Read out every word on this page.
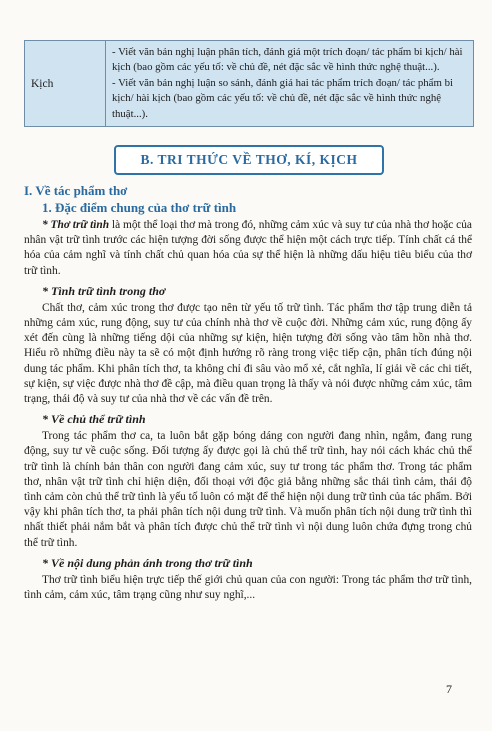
Kịch

- Viết văn bản nghị luận phân tích, đánh giá một trích đoạn/ tác phẩm bi kịch/ hài kịch (bao gồm các yếu tố: về chủ đề, nét đặc sắc về hình thức nghệ thuật...).

- Viết văn bản nghị luận so sánh, đánh giá hai tác phẩm trích đoạn/ tác phẩm bi kịch/ hài kịch (bao gồm các yếu tố: về chủ đề, nét đặc sắc về hình thức nghệ thuật...).

B. TRI THỨC VỀ THƠ, KÍ, KỊCH

I. Về tác phẩm thơ

1. Đặc điểm chung của thơ trữ tình

* Thơ trữ tình là một thể loại thơ mà trong đó, những cảm xúc và suy tư của nhà thơ hoặc của nhân vật trữ tình trước các hiện tượng đời sống được thể hiện một cách trực tiếp. Tính chất cá thể hóa của cảm nghĩ và tính chất chủ quan hóa của sự thể hiện là những dấu hiệu tiêu biểu của thơ trữ tình.

* Tình trữ tình trong thơ

Chất thơ, cảm xúc trong thơ được tạo nên từ yếu tố trữ tình. Tác phẩm thơ tập trung diễn tả những cảm xúc, rung động, suy tư của chính nhà thơ về cuộc đời. Những cảm xúc, rung động ấy xét đến cùng là những tiếng dội của những sự kiện, hiện tượng đời sống vào tâm hồn nhà thơ. Hiểu rõ những điều này ta sẽ có một định hướng rõ ràng trong việc tiếp cận, phân tích đúng nội dung tác phẩm. Khi phân tích thơ, ta không chỉ đi sâu vào mổ xẻ, cắt nghĩa, lí giải về các chi tiết, sự kiện, sự việc được nhà thơ đề cập, mà điều quan trọng là thấy và nói được những cảm xúc, tâm trạng, thái độ và suy tư của nhà thơ về các vấn đề trên.

* Về chủ thể trữ tình

Trong tác phẩm thơ ca, ta luôn bắt gặp bóng dáng con người đang nhìn, ngắm, đang rung động, suy tư về cuộc sống. Đối tượng ấy được gọi là chủ thể trữ tình, hay nói cách khác chủ thể trữ tình là chính bản thân con người đang cảm xúc, suy tư trong tác phẩm thơ. Trong tác phẩm thơ, nhân vật trữ tình chỉ hiện diện, đối thoại với độc giả bằng những sắc thái tình cảm, thái độ tình cảm còn chủ thể trữ tình là yếu tố luôn có mặt để thể hiện nội dung trữ tình của tác phẩm. Bởi vậy khi phân tích thơ, ta phải phân tích nội dung trữ tình. Và muốn phân tích nội dung trữ tình thì nhất thiết phải nắm bắt và phân tích được chủ thể trữ tình vì nội dung luôn chứa đựng trong chủ thể trữ tình.

* Về nội dung phản ánh trong thơ trữ tình

Thơ trữ tình biểu hiện trực tiếp thế giới chủ quan của con người: Trong tác phẩm thơ trữ tình, tình cảm, cảm xúc, tâm trạng cũng như suy nghĩ,...

7
